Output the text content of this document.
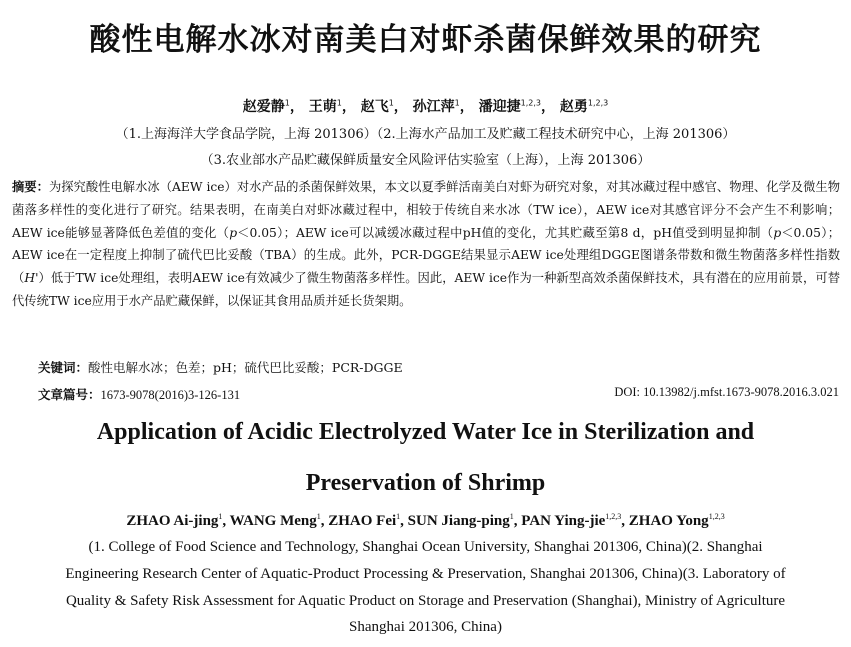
酸性电解水冰对南美白对虾杀菌保鲜效果的研究
赵爱静$^1$， 王萌$^1$， 赵飞$^1$， 孙江萍$^1$， 潘迎捷$^{1,2,3}$， 赵勇$^{1,2,3}$
（1.上海海洋大学食品学院，上海 201306）（2.上海水产品加工及贮藏工程技术研究中心，上海 201306）
（3.农业部水产品贮藏保鲜质量安全风险评估实验室（上海），上海 201306）
摘要：为探究酸性电解水冰（AEW ice）对水产品的杀菌保鲜效果，本文以夏季鲜活南美白对虾为研究对象，对其冰藏过程中感官、物理、化学及微生物菌落多样性的变化进行了研究。结果表明，在南美白对虾冰藏过程中，相较于传统自来水冰（TW ice），AEW ice对其感官评分不会产生不利影响；AEW ice能够显著降低色差值的变化（p＜0.05）；AEW ice可以减缓冰藏过程中pH值的变化，尤其贮藏至第8 d，pH值受到明显抑制（p＜0.05）；AEW ice在一定程度上抑制了硫代巴比妥酸（TBA）的生成。此外，PCR-DGGE结果显示AEW ice处理组DGGE图谱条带数和微生物菌落多样性指数（H'）低于TW ice处理组，表明AEW ice有效减少了微生物菌落多样性。因此，AEW ice作为一种新型高效杀菌保鲜技术，具有潜在的应用前景，可替代传统TW ice应用于水产品贮藏保鲜，以保证其食用品质并延长货架期。
关键词：酸性电解水冰；色差；pH；硫代巴比妥酸；PCR-DGGE
文章篇号：1673-9078(2016)3-126-131	DOI: 10.13982/j.mfst.1673-9078.2016.3.021
Application of Acidic Electrolyzed Water Ice in Sterilization and
Preservation of Shrimp
ZHAO Ai-jing$^1$, WANG Meng$^1$, ZHAO Fei$^1$, SUN Jiang-ping$^1$, PAN Ying-jie$^{1,2,3}$, ZHAO Yong$^{1,2,3}$
(1. College of Food Science and Technology, Shanghai Ocean University, Shanghai 201306, China)(2. Shanghai
Engineering Research Center of Aquatic-Product Processing & Preservation, Shanghai 201306, China)(3. Laboratory of
Quality & Safety Risk Assessment for Aquatic Product on Storage and Preservation (Shanghai), Ministry of Agriculture
Shanghai 201306, China)
